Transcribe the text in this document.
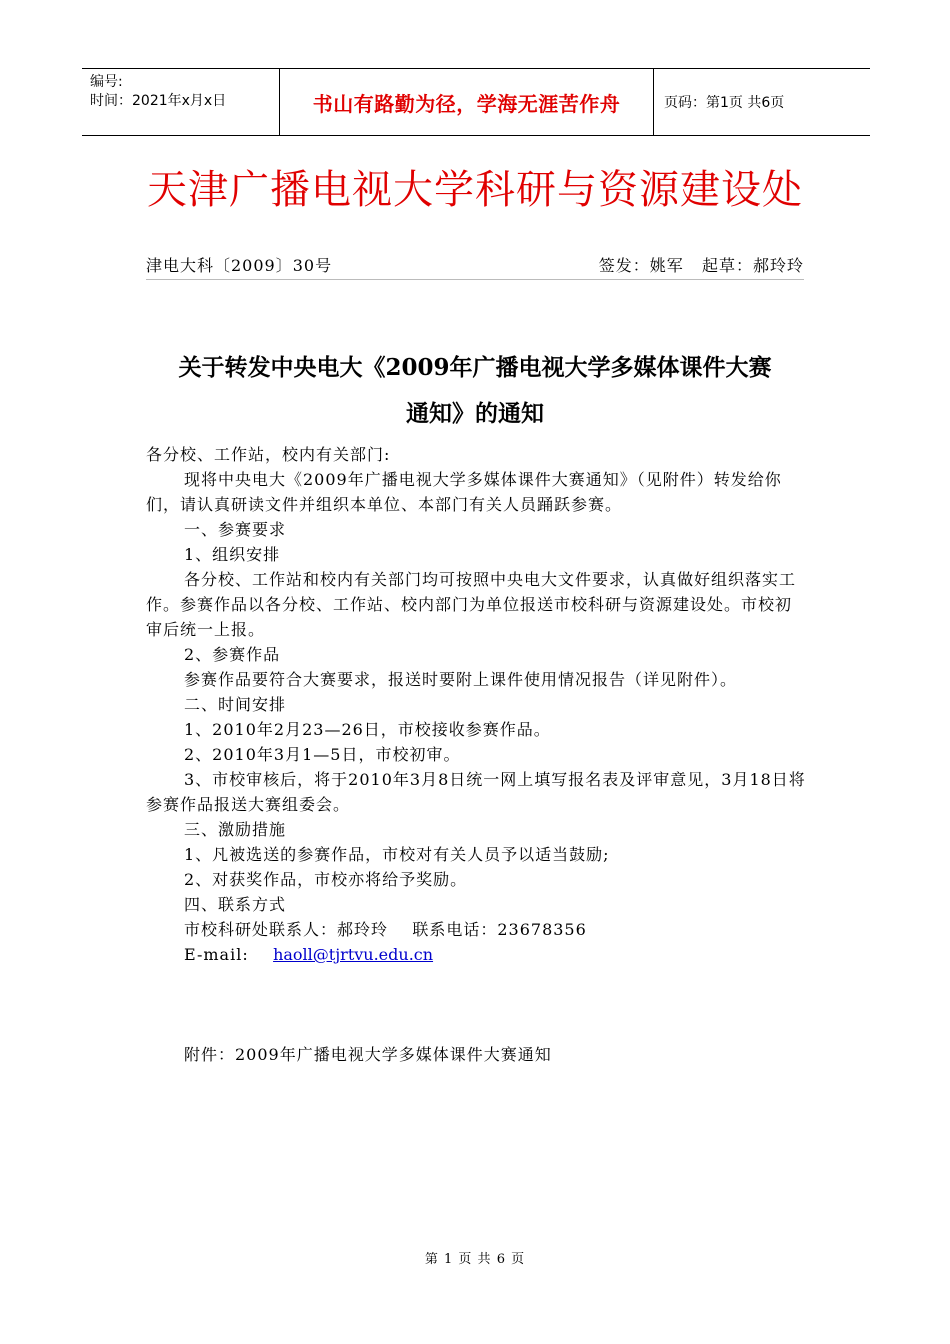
编号:
时间：2021年x月x日	书山有路勤为径，学海无涯苦作舟	页码：第1页 共6页
天津广播电视大学科研与资源建设处
津电大科〔2009〕30号	签发：姚军   起草：郝玲玲
关于转发中央电大《2009年广播电视大学多媒体课件大赛
通知》的通知

各分校、工作站，校内有关部门:

现将中央电大《2009年广播电视大学多媒体课件大赛通知》（见附件）转发给你们，请认真研读文件并组织本单位、本部门有关人员踊跃参赛。

一、参赛要求

1、组织安排

各分校、工作站和校内有关部门均可按照中央电大文件要求，认真做好组织落实工作。参赛作品以各分校、工作站、校内部门为单位报送市校科研与资源建设处。市校初审后统一上报。

2、参赛作品

参赛作品要符合大赛要求，报送时要附上课件使用情况报告（详见附件）。

二、时间安排

1、2010年2月23—26日，市校接收参赛作品。

2、2010年3月1—5日，市校初审。

3、市校审核后，将于2010年3月8日统一网上填写报名表及评审意见，3月18日将参赛作品报送大赛组委会。

三、激励措施

1、凡被选送的参赛作品，市校对有关人员予以适当鼓励;

2、对获奖作品，市校亦将给予奖励。

四、联系方式

市校科研处联系人：郝玲玲    联系电话：23678356

E-mail: haoll@tjrtvu.edu.cn

附件：2009年广播电视大学多媒体课件大赛通知

第 1 页 共 6 页
